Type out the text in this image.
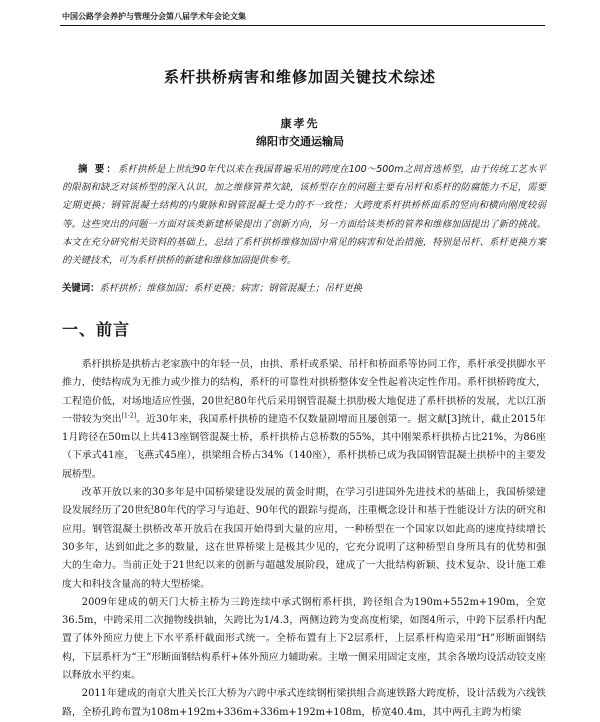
中国公路学会养护与管理分会第八届学术年会论文集
系杆拱桥病害和维修加固关键技术综述
康孝先
绵阳市交通运输局
摘 要：系杆拱桥是上世纪90年代以来在我国普遍采用的跨度在100～500m之间首选桥型，由于传统工艺水平的限制和缺乏对该桥型的深入认识，加之维修管养欠缺，该桥型存在的问题主要有吊杆和系杆的防腐能力不足，需要定期更换；钢管混凝土结构的内聚脉和钢管混凝土受力的不一致性；大跨度系杆拱桥桥面系的竖向和横向刚度较弱等。这些突出的问题一方面对该类新建桥梁提出了创新方向，另一方面给该类桥的管养和维修加固提出了新的挑战。本文在充分研究相关资料的基础上，总结了系杆拱桥维修加固中常见的病害和处治措施，特别是吊杆、系杆更换方案的关键技术，可为系杆拱桥的新建和维修加固提供参考。
关键词：系杆拱桥；维修加固；系杆更换；病害；钢管混凝土；吊杆更换
一、前言

系杆拱桥是拱桥古老家族中的年轻一员，由拱、系杆或系梁、吊杆和桥面系等协同工作，系杆承受拱脚水平推力，使结构成为无推力或少推力的结构，系杆的可靠性对拱桥整体安全性起着决定性作用。系杆拱桥跨度大，工程造价低，对场地适应性强，20世纪80年代后采用钢管混凝土拱肋极大地促进了系杆拱桥的发展，尤以江浙一带较为突出[1-2]。近30年来，我国系杆拱桥的建造不仅数量剧增而且屡创第一。据文献[3]统计，截止2015年1月跨径在50m以上共413座钢管混凝土桥，系杆拱桥占总桥数的55%，其中刚架系杆拱桥占比21%，为86座（下承式41座，飞燕式45座），拱梁组合桥占34%（140座），系杆拱桥已成为我国钢管混凝土拱桥中的主要发展桥型。

改革开放以来的30多年是中国桥梁建设发展的黄金时期，在学习引进国外先进技术的基础上，我国桥梁建设发展经历了20世纪80年代的学习与追赶、90年代的跟踪与提高，注重概念设计和基于性能设计方法的研究和应用。钢管混凝土拱桥改革开放后在我国开始得到大量的应用，一种桥型在一个国家以如此高的速度持续增长30多年，达到如此之多的数量，这在世界桥梁上是极其少见的，它充分说明了这种桥型自身所具有的优势和强大的生命力。当前正处于21世纪以来的创新与超越发展阶段，建成了一大批结构新颖、技术复杂、设计施工难度大和科技含量高的特大型桥梁。

2009年建成的朝天门大桥主桥为三跨连续中承式钢桁系杆拱，跨径组合为190m+552m+190m，全宽36.5m，中跨采用二次抛物线拱轴，矢跨比为1/4.3，两侧边跨为变高度桁梁，如图4所示，中跨下层系杆内配置了体外预应力使上下水平系杆截面形式统一。全桥布置有上下2层系杆，上层系杆构造采用“H”形断面钢结构，下层系杆为“王”形断面钢结构系杆+体外预应力辅助索。主墩一侧采用固定支座，其余各墩均设活动铰支座以释放水平约束。

2011年建成的南京大胜关长江大桥为六跨中承式连续钢桁梁拱组合高速铁路大跨度桥，设计活载为六线铁路，全桥孔跨布置为108m+192m+336m+336m+192m+108m，桥宽40.4m，其中两孔主跨为桁梁
